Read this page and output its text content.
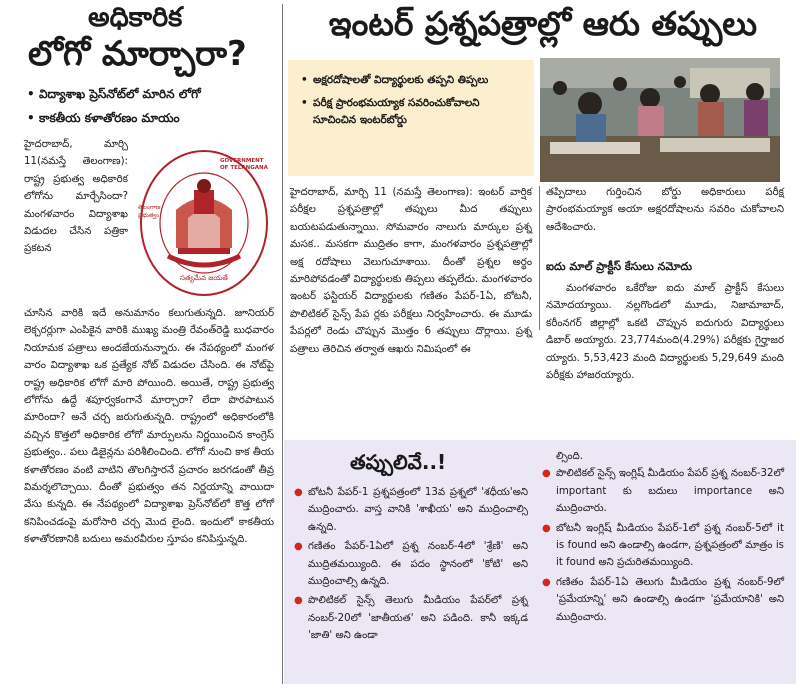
అధికారిక
లోగో మార్చారా?
• విద్యాశాఖ ప్రెస్‌నోట్‌లో మారిన లోగో
• కాకతీయ కళాతోరణం మాయం

హైదరాబాద్, మార్చి 11(నమస్తే తెలంగాణ): రాష్ట్ర ప్రభుత్వ అధికారిక లోగోను మార్చేసిందా? మంగళవారం విద్యాశాఖ విడుదల చేసిన పత్రికా ప్రకటన

GOVERNMENT OF TELANGANA
తెలంగాణ ప్రభుత్వం
సత్యమేవ జయతే

చూసిన వారికి ఇదే అనుమానం కలుగుతున్నది. జూనియర్ లెక్చరర్లుగా ఎంపికైన వారికి ముఖ్య మంత్రి రేవంత్‌రెడ్డి బుధవారం నియామక పత్రాలు అందజేయనున్నారు. ఈ నేపథ్యంలో మంగళ వారం విద్యాశాఖ ఒక ప్రత్యేక నోట్ విడుదల చేసింది. ఈ నోట్‌పై రాష్ట్ర అధికారిక లోగో మారి పోయింది. అయితే, రాష్ట్ర ప్రభుత్వ లోగోను ఉద్దే శపూర్వకంగానే మార్చారా? లేదా పొరపాటున మారిందా? అనే చర్చ జరుగుతున్నది. రాష్ట్రంలో అధికారంలోకి వచ్చిన కొత్తలో అధికారిక లోగో మార్పులను నిర్ణయించిన కాంగ్రెస్ ప్రభుత్వం.. పలు డిజైన్లను పరిశీలించింది. లోగో నుంచి కాక తీయ కళాతోరణం వంటి వాటిని తొలగిస్తారనే ప్రచారం జరగడంతో తీవ్ర విమర్శలొచ్చాయి. దీంతో ప్రభుత్వం తన నిర్ణయాన్ని వాయిదా వేసు కున్నది. ఈ నేపథ్యంలో విద్యాశాఖ ప్రెస్‌నోట్‌లో కొత్త లోగో కనిపించడంపై మరోసారి చర్చ మొద లైంది. ఇందులో కాకతీయ కళాతోరణానికి బదులు అమరవీరుల స్తూపం కనిపిస్తున్నది.

ఇంటర్ ప్రశ్నపత్రాల్లో ఆరు తప్పులు
• అక్షరదోషాలతో విద్యార్థులకు తప్పని తిప్పలు
• పరీక్ష ప్రారంభమయ్యాక సవరించుకోవాలని సూచించిన ఇంటర్‌బోర్డు

హైదరాబాద్, మార్చి 11 (నమస్తే తెలంగాణ): ఇంటర్ వార్షిక పరీక్షల ప్రశ్నపత్రాల్లో తప్పులు మీద తప్పులు బయటపడుతున్నాయి. సోమవారం నాలుగు మార్కుల ప్రశ్న మసక.. మసకగా ముద్రితం కాగా, మంగళవారం ప్రశ్నపత్రాల్లో అక్ష రదోషాలు వెలుగుచూశాయి. దీంతో ప్రశ్నల అర్థం మారిపోవడంతో విద్యార్థులకు తిప్పలు తప్పలేదు. మంగళవారం ఇంటర్ ఫస్టియర్ విద్యార్థులకు గణితం పేపర్-1ఏ, బోటనీ, పొలిటికల్ సైన్స్ పేప ర్లకు పరీక్షలు నిర్వహించారు. ఈ మూడు పేపర్లలో రెండు చొప్పున మొత్తం 6 తప్పులు దొర్లాయి. ప్రశ్న పత్రాలు తెరిచిన తర్వాత ఆఖరు నిమిషంలో ఈ

తప్పిదాలు గుర్తించిన బోర్డు అధికారులు పరీక్ష ప్రారంభమయ్యాక అయా అక్షరదోషాలను సవరిం చుకోవాలని ఆదేశించారు.

ఐదు మాల్ ప్రాక్టీస్ కేసులు నమోదు

మంగళవారం ఒకేరోజు ఐదు మాల్ ప్రాక్టీస్ కేసులు నమోదయ్యాయి. నల్లగొండలో మూడు, నిజామాబాద్, కరీంనగర్ జిల్లాల్లో ఒకటి చొప్పున ఐదుగురు విద్యార్థులు డిబార్ అయ్యారు. 23,774మంది(4.29%) పరీక్షకు గైర్హాజర య్యారు. 5,53,423 మంది విద్యార్థులకు 5,29,649 మంది పరీక్షకు హాజరయ్యారు.

తప్పులివే..!
● బోటనీ పేపర్-1 ప్రశ్నపత్రంలో 13వ ప్రశ్నలో 'శధీయ'అని ముద్రించారు. వాస్త వానికి 'శాఖీయ' అని ముద్రించాల్సి ఉన్నది.

● గణితం పేపర్-1ఏలో ప్రశ్న నంబర్-4లో 'శ్రేణి' అని ముద్రితమయ్యింది. ఈ పదం స్థానంలో 'కోటి' అని ముద్రించాల్సి ఉన్నది.

● పొలిటికల్ సైన్స్ తెలుగు మీడియం పేపర్‌లో ప్రశ్న నంబర్-20లో 'జాతీయత' అని పడింది. కానీ ఇక్కడ 'జాతి' అని ఉండా

ల్సింది.

● పొలిటికల్ సైన్స్ ఇంగ్లిష్ మీడియం పేపర్ ప్రశ్న నంబర్-32లో important కు బదులు importance అని ముద్రించారు.

● బోటనీ ఇంగ్లిష్ మీడియం పేపర్-1లో ప్రశ్న నంబర్-5లో it is found అని ఉండాల్సి ఉండగా, ప్రశ్నపత్రంలో మాత్రం is it found అని ప్రచురితమయ్యింది.

● గణితం పేపర్-1ఏ తెలుగు మీడియం ప్రశ్న నంబర్-9లో 'ప్రమేయాన్ని' అని ఉండాల్సి ఉండగా 'ప్రమేయానికి' అని ముద్రించారు.
